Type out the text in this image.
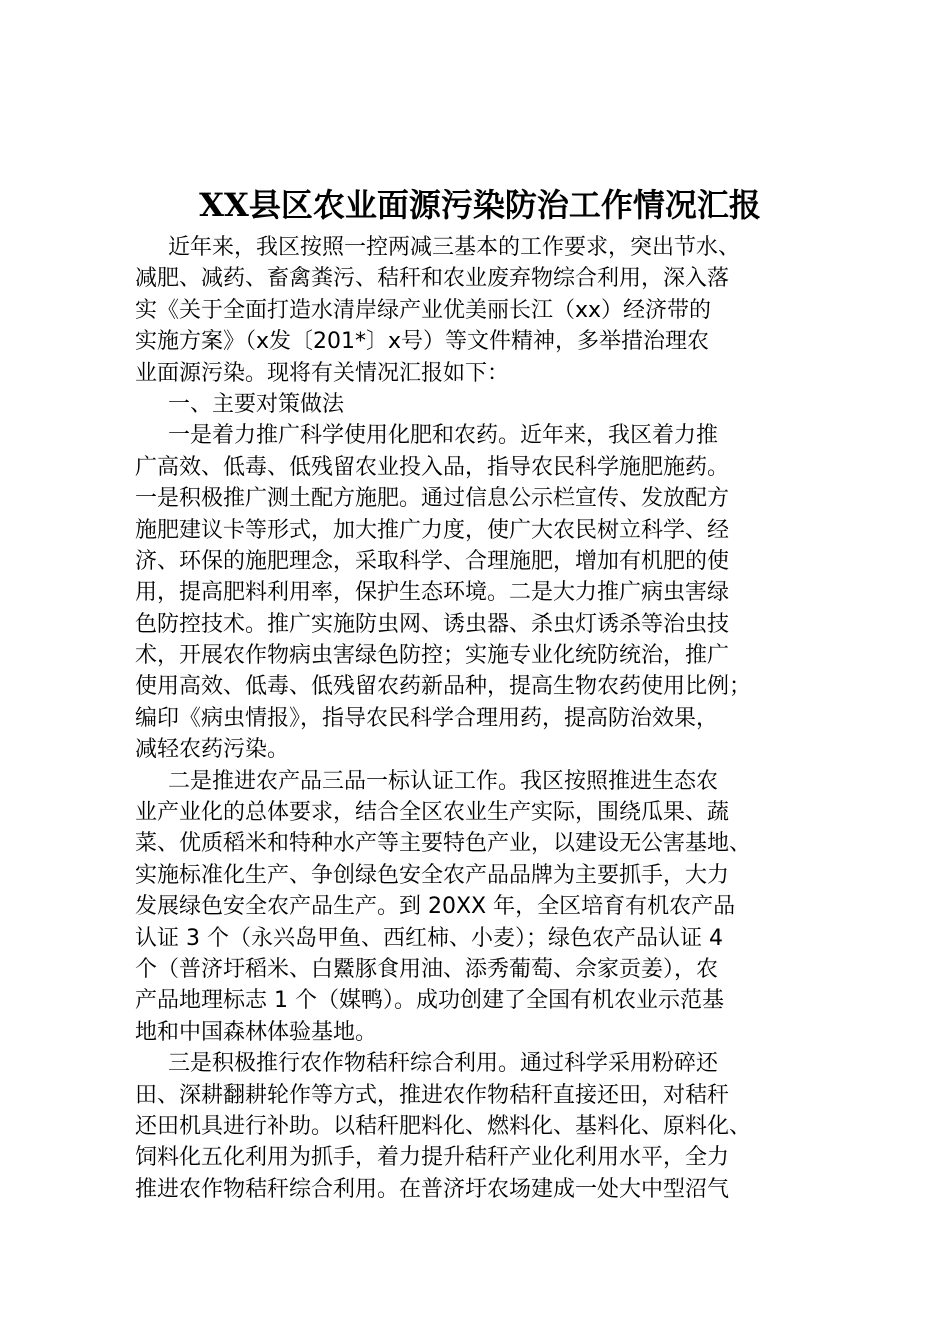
XX县区农业面源污染防治工作情况汇报
近年来，我区按照一控两减三基本的工作要求，突出节水、
减肥、减药、畜禽粪污、秸秆和农业废弃物综合利用，深入落
实《关于全面打造水清岸绿产业优美丽长江（xx）经济带的
实施方案》（x发〔201*〕x号）等文件精神，多举措治理农
业面源污染。现将有关情况汇报如下：
一、主要对策做法
一是着力推广科学使用化肥和农药。近年来，我区着力推
广高效、低毒、低残留农业投入品，指导农民科学施肥施药。
一是积极推广测土配方施肥。通过信息公示栏宣传、发放配方
施肥建议卡等形式，加大推广力度，使广大农民树立科学、经
济、环保的施肥理念，采取科学、合理施肥，增加有机肥的使
用，提高肥料利用率，保护生态环境。二是大力推广病虫害绿
色防控技术。推广实施防虫网、诱虫器、杀虫灯诱杀等治虫技
术，开展农作物病虫害绿色防控；实施专业化统防统治，推广
使用高效、低毒、低残留农药新品种，提高生物农药使用比例；
编印《病虫情报》，指导农民科学合理用药，提高防治效果，
减轻农药污染。
二是推进农产品三品一标认证工作。我区按照推进生态农
业产业化的总体要求，结合全区农业生产实际，围绕瓜果、蔬
菜、优质稻米和特种水产等主要特色产业，以建设无公害基地、
实施标准化生产、争创绿色安全农产品品牌为主要抓手，大力
发展绿色安全农产品生产。到 20XX 年，全区培育有机农产品
认证 3 个（永兴岛甲鱼、西红柿、小麦）；绿色农产品认证 4
个（普济圩稻米、白鱀豚食用油、添秀葡萄、佘家贡姜），农
产品地理标志 1 个（媒鸭）。成功创建了全国有机农业示范基
地和中国森林体验基地。
三是积极推行农作物秸秆综合利用。通过科学采用粉碎还
田、深耕翻耕轮作等方式，推进农作物秸秆直接还田，对秸秆
还田机具进行补助。以秸秆肥料化、燃料化、基料化、原料化、
饲料化五化利用为抓手，着力提升秸秆产业化利用水平，全力
推进农作物秸秆综合利用。在普济圩农场建成一处大中型沼气
